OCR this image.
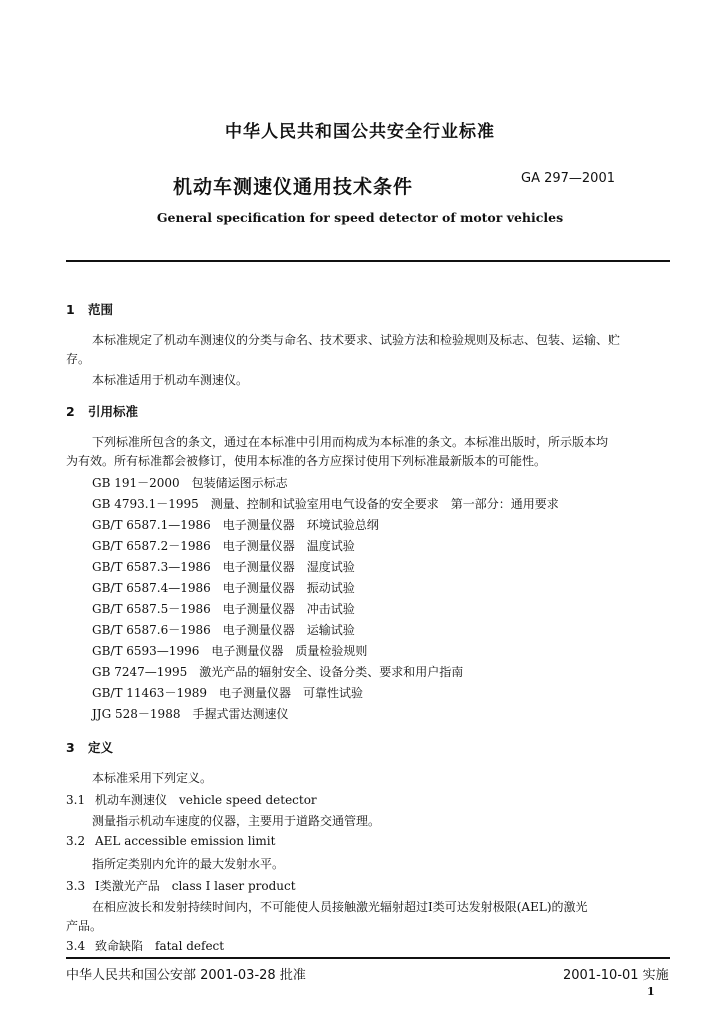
中华人民共和国公共安全行业标准
机动车测速仪通用技术条件	GA 297—2001
General specification for speed detector of motor vehicles
1 范围
本标准规定了机动车测速仪的分类与命名、技术要求、试验方法和检验规则及标志、包装、运输、贮
存。
本标准适用于机动车测速仪。
2 引用标准
下列标准所包含的条文，通过在本标准中引用而构成为本标准的条文。本标准出版时，所示版本均
为有效。所有标准都会被修订，使用本标准的各方应探讨使用下列标准最新版本的可能性。
GB 191－2000　包装储运图示标志
GB 4793.1－1995　测量、控制和试验室用电气设备的安全要求　第一部分：通用要求
GB/T 6587.1—1986　电子测量仪器　环境试验总纲
GB/T 6587.2－1986　电子测量仪器　温度试验
GB/T 6587.3—1986　电子测量仪器　湿度试验
GB/T 6587.4—1986　电子测量仪器　振动试验
GB/T 6587.5－1986　电子测量仪器　冲击试验
GB/T 6587.6－1986　电子测量仪器　运输试验
GB/T 6593—1996　电子测量仪器　质量检验规则
GB 7247—1995　激光产品的辐射安全、设备分类、要求和用户指南
GB/T 11463－1989　电子测量仪器　可靠性试验
JJG 528－1988　手握式雷达测速仪
3 定义
本标准采用下列定义。
3.1 机动车测速仪　vehicle speed detector
测量指示机动车速度的仪器，主要用于道路交通管理。
3.2 AEL accessible emission limit
指所定类别内允许的最大发射水平。
3.3 Ⅰ类激光产品　class Ⅰ laser product
在相应波长和发射持续时间内，不可能使人员接触激光辐射超过Ⅰ类可达发射极限(AEL)的激光
产品。
3.4 致命缺陷　fatal defect
中华人民共和国公安部 2001-03-28 批准	2001-10-01 实施
1
